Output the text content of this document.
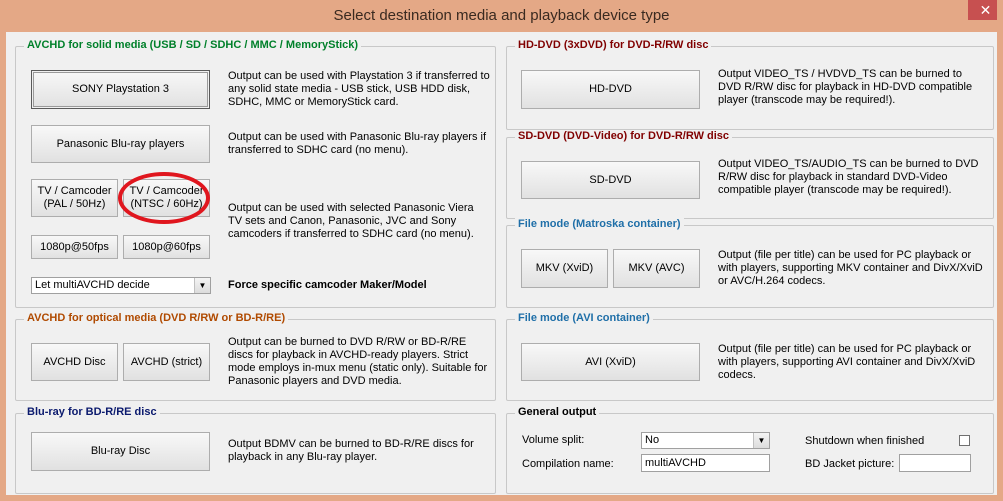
Select destination media and playback device type	✕
AVCHD for solid media (USB / SD / SDHC / MMC / MemoryStick)
SONY Playstation 3
Output can be used with Playstation 3 if transferred to any solid state media - USB stick, USB HDD disk, SDHC, MMC or MemoryStick card.
Panasonic Blu-ray players
Output can be used with Panasonic Blu-ray players if transferred to SDHC card (no menu).
TV / Camcoder (PAL / 50Hz)
TV / Camcoder (NTSC / 60Hz)	Output can be used with selected Panasonic Viera TV sets and Canon, Panasonic, JVC and Sony camcoders if transferred to SDHC card (no menu).
1080p@50fps	1080p@60fps
Let multiAVCHD decide	▼	Force specific camcoder Maker/Model
AVCHD for optical media (DVD R/RW or BD-R/RE)
AVCHD Disc	AVCHD (strict)
Output can be burned to DVD R/RW or BD-R/RE discs for playback in AVCHD-ready players. Strict mode employs in-mux menu (static only). Suitable for Panasonic players and DVD media.
Blu-ray for BD-R/RE disc
Blu-ray Disc
Output BDMV can be burned to BD-R/RE discs for playback in any Blu-ray player.
HD-DVD (3xDVD) for DVD-R/RW disc
HD-DVD
Output VIDEO_TS / HVDVD_TS can be burned to DVD R/RW disc for playback in HD-DVD compatible player (transcode may be required!).
SD-DVD (DVD-Video) for DVD-R/RW disc
SD-DVD
Output VIDEO_TS/AUDIO_TS can be burned to DVD R/RW disc for playback in standard DVD-Video compatible player (transcode may be required!).
File mode (Matroska container)
MKV (XviD)	MKV (AVC)
Output (file per title) can be used for PC playback or with players, supporting MKV container and DivX/XviD or AVC/H.264 codecs.
File mode (AVI container)
AVI (XviD)
Output (file per title) can be used for PC playback or with players, supporting AVI container and DivX/XviD codecs.
General output
Volume split:	No	▼	Shutdown when finished
Compilation name:	multiAVCHD	BD Jacket picture:
